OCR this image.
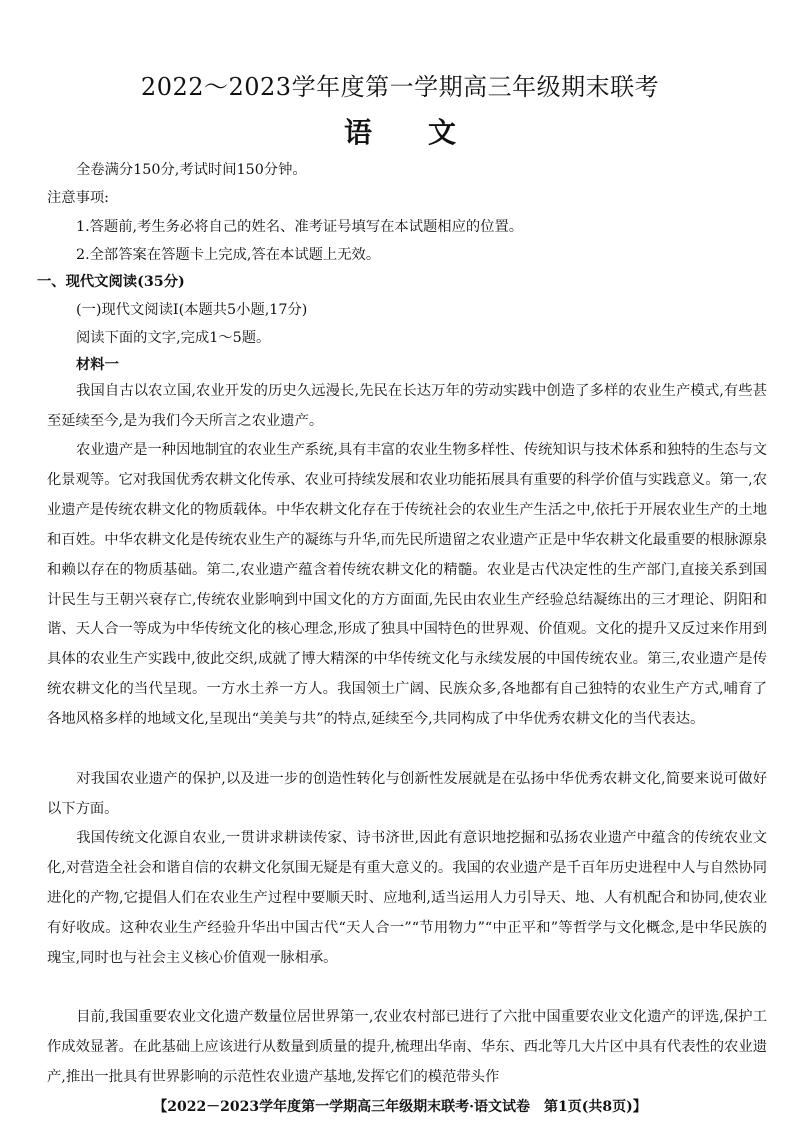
2022～2023学年度第一学期高三年级期末联考
语 文
全卷满分150分,考试时间150分钟。
注意事项:
1.答题前,考生务必将自己的姓名、准考证号填写在本试题相应的位置。
2.全部答案在答题卡上完成,答在本试题上无效。
一、现代文阅读(35分)
(一)现代文阅读Ⅰ(本题共5小题,17分)
阅读下面的文字,完成1～5题。
材料一
我国自古以农立国,农业开发的历史久远漫长,先民在长达万年的劳动实践中创造了多样的农业生产模式,有些甚至延续至今,是为我们今天所言之农业遗产。
农业遗产是一种因地制宜的农业生产系统,具有丰富的农业生物多样性、传统知识与技术体系和独特的生态与文化景观等。它对我国优秀农耕文化传承、农业可持续发展和农业功能拓展具有重要的科学价值与实践意义。第一,农业遗产是传统农耕文化的物质载体。中华农耕文化存在于传统社会的农业生产生活之中,依托于开展农业生产的土地和百姓。中华农耕文化是传统农业生产的凝练与升华,而先民所遗留之农业遗产正是中华农耕文化最重要的根脉源泉和赖以存在的物质基础。第二,农业遗产蕴含着传统农耕文化的精髓。农业是古代决定性的生产部门,直接关系到国计民生与王朝兴衰存亡,传统农业影响到中国文化的方方面面,先民由农业生产经验总结凝练出的三才理论、阴阳和谐、天人合一等成为中华传统文化的核心理念,形成了独具中国特色的世界观、价值观。文化的提升又反过来作用到具体的农业生产实践中,彼此交织,成就了博大精深的中华传统文化与永续发展的中国传统农业。第三,农业遗产是传统农耕文化的当代呈现。一方水土养一方人。我国领土广阔、民族众多,各地都有自己独特的农业生产方式,哺育了各地风格多样的地域文化,呈现出“美美与共”的特点,延续至今,共同构成了中华优秀农耕文化的当代表达。
对我国农业遗产的保护,以及进一步的创造性转化与创新性发展就是在弘扬中华优秀农耕文化,简要来说可做好以下方面。
我国传统文化源自农业,一贯讲求耕读传家、诗书济世,因此有意识地挖掘和弘扬农业遗产中蕴含的传统农业文化,对营造全社会和谐自信的农耕文化氛围无疑是有重大意义的。我国的农业遗产是千百年历史进程中人与自然协同进化的产物,它提倡人们在农业生产过程中要顺天时、应地利,适当运用人力引导天、地、人有机配合和协同,使农业有好收成。这种农业生产经验升华出中国古代“天人合一”“节用物力”“中正平和”等哲学与文化概念,是中华民族的瑰宝,同时也与社会主义核心价值观一脉相承。
目前,我国重要农业文化遗产数量位居世界第一,农业农村部已进行了六批中国重要农业文化遗产的评选,保护工作成效显著。在此基础上应该进行从数量到质量的提升,梳理出华南、华东、西北等几大片区中具有代表性的农业遗产,推出一批具有世界影响的示范性农业遗产基地,发挥它们的模范带头作
【2022－2023学年度第一学期高三年级期末联考·语文试卷　第1页(共8页)】
